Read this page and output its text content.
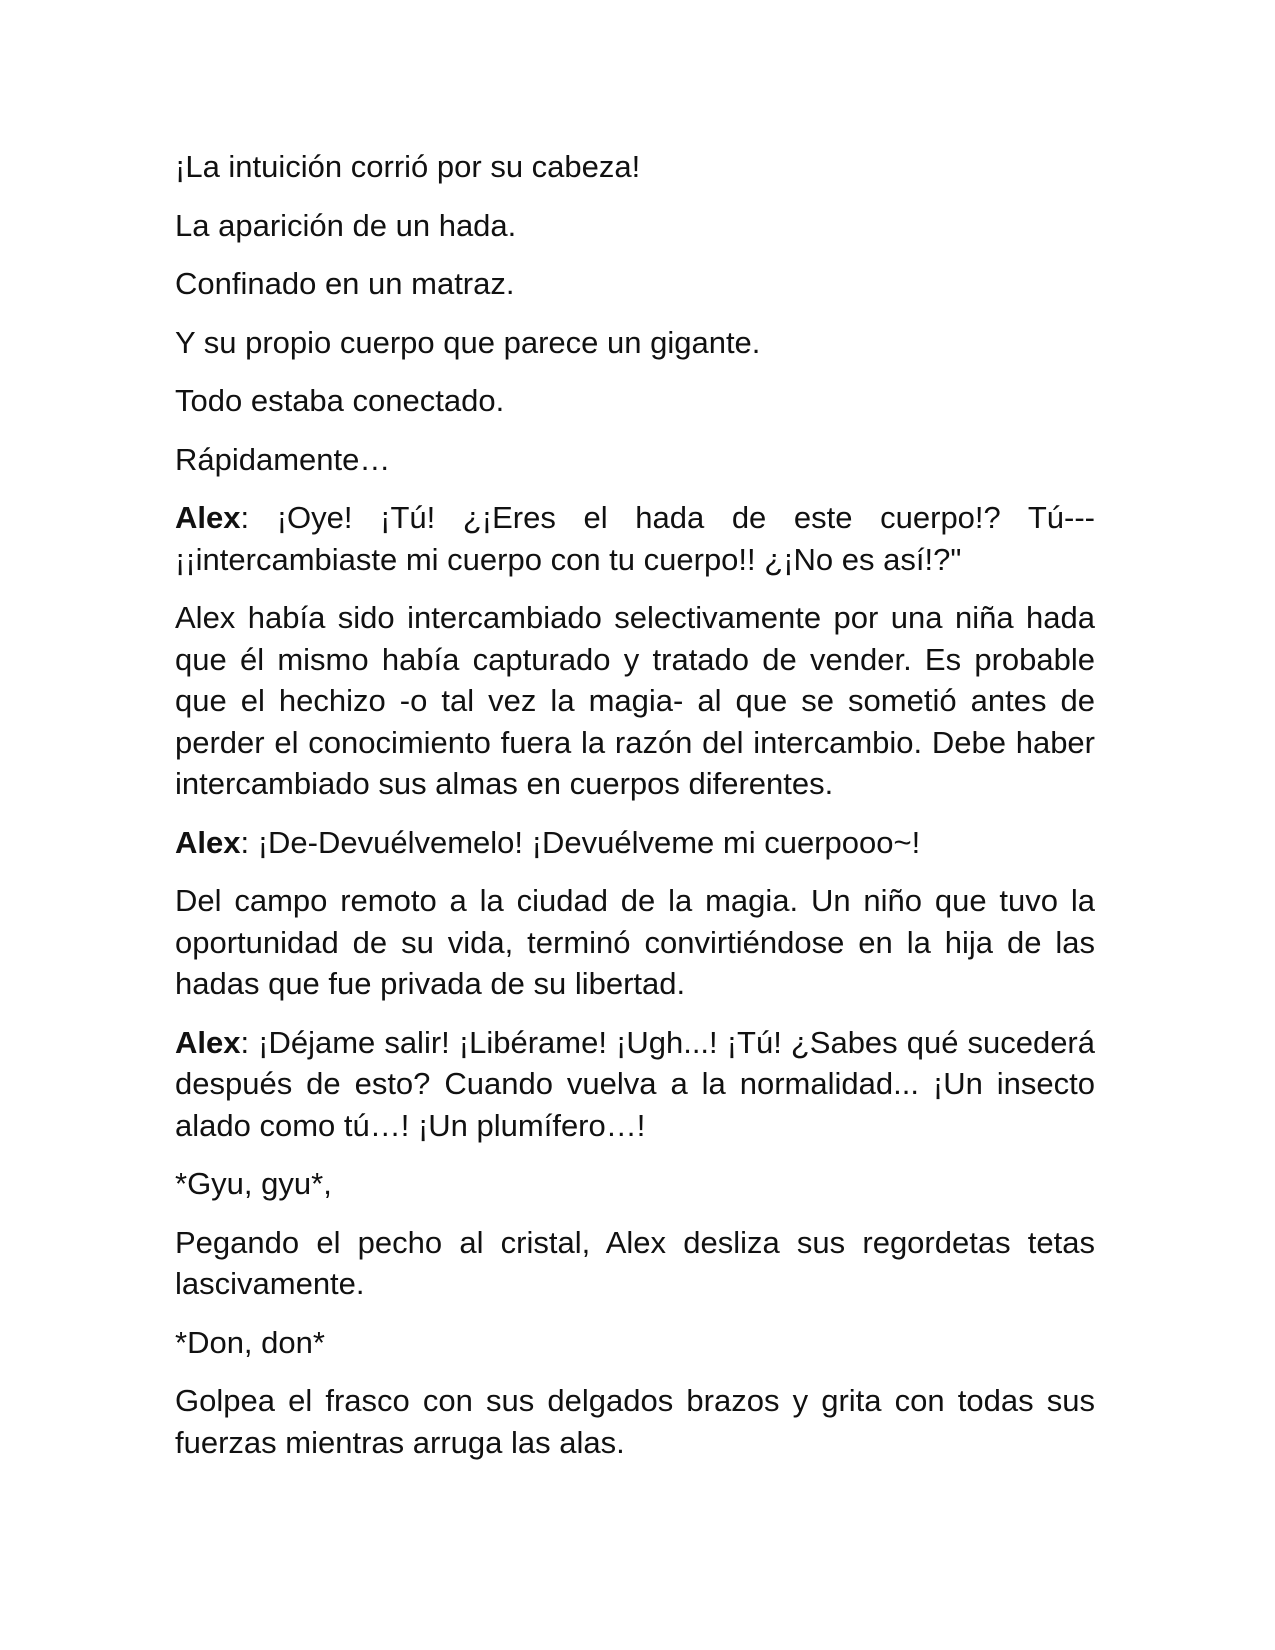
¡La intuición corrió por su cabeza!

La aparición de un hada.

Confinado en un matraz.

Y su propio cuerpo que parece un gigante.

Todo estaba conectado.

Rápidamente…

Alex: ¡Oye! ¡Tú! ¿¡Eres el hada de este cuerpo!? Tú---¡¡intercambiaste mi cuerpo con tu cuerpo!! ¿¡No es así!?"

Alex había sido intercambiado selectivamente por una niña hada que él mismo había capturado y tratado de vender. Es probable que el hechizo -o tal vez la magia- al que se sometió antes de perder el conocimiento fuera la razón del intercambio. Debe haber intercambiado sus almas en cuerpos diferentes.

Alex: ¡De-Devuélvemelo! ¡Devuélveme mi cuerpooo~!

Del campo remoto a la ciudad de la magia. Un niño que tuvo la oportunidad de su vida, terminó convirtiéndose en la hija de las hadas que fue privada de su libertad.

Alex: ¡Déjame salir! ¡Libérame! ¡Ugh...! ¡Tú! ¿Sabes qué sucederá después de esto? Cuando vuelva a la normalidad... ¡Un insecto alado como tú…! ¡Un plumífero…!

*Gyu, gyu*,

Pegando el pecho al cristal, Alex desliza sus regordetas tetas lascivamente.

*Don, don*

Golpea el frasco con sus delgados brazos y grita con todas sus fuerzas mientras arruga las alas.
